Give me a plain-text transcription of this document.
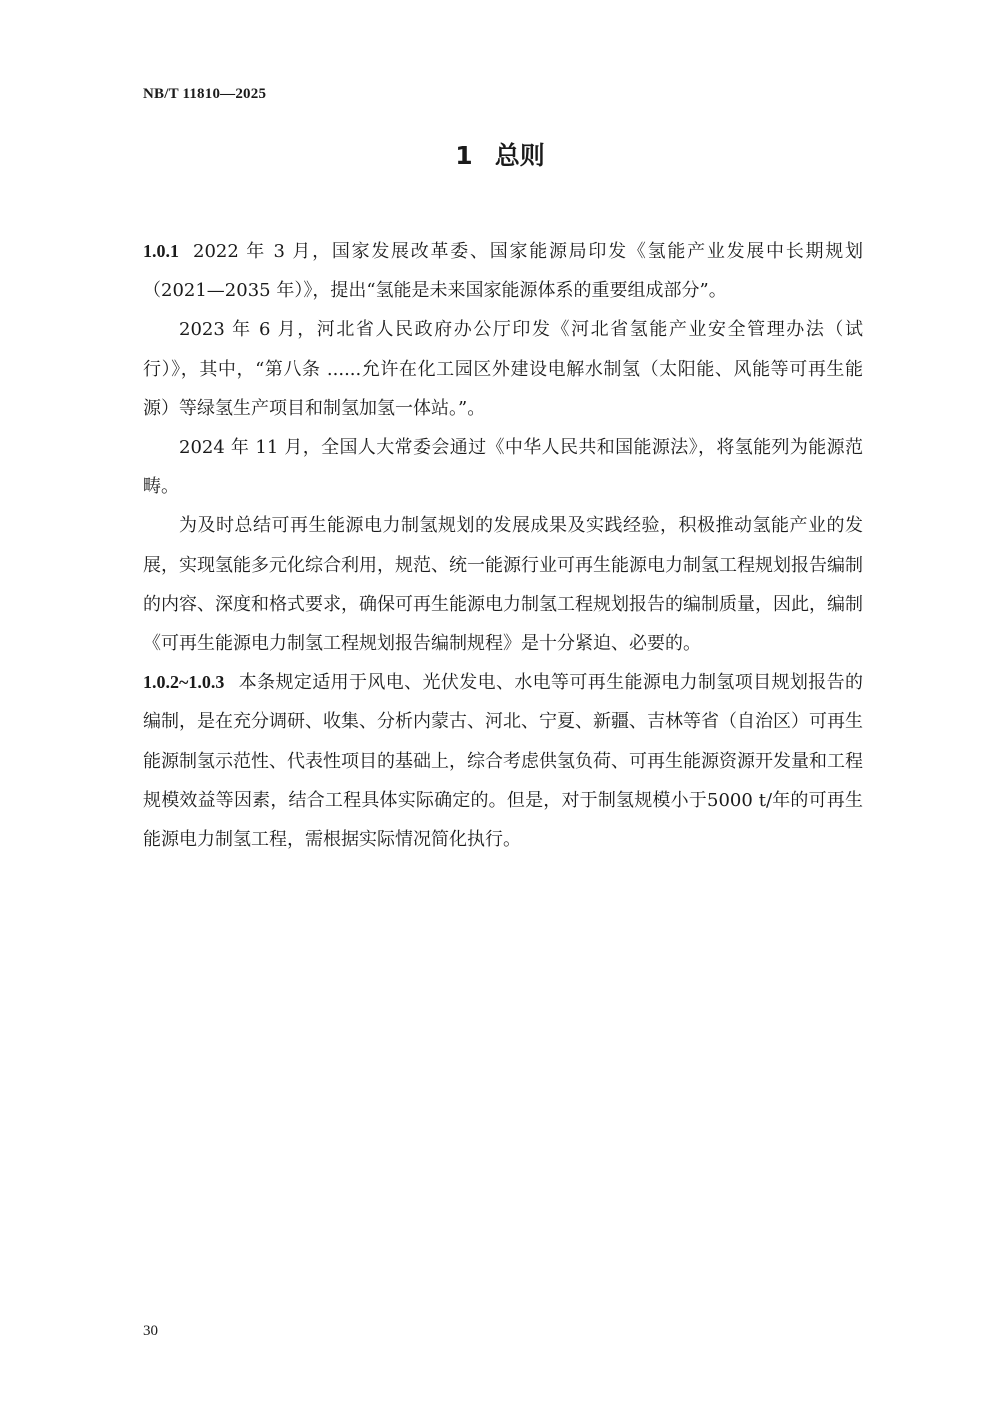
NB/T 11810—2025
1 总则

1.0.1 2022 年 3 月，国家发展改革委、国家能源局印发《氢能产业发展中长期规划（2021—2035 年）》，提出“氢能是未来国家能源体系的重要组成部分”。

2023 年 6 月，河北省人民政府办公厅印发《河北省氢能产业安全管理办法（试行）》，其中，“第八条 ......允许在化工园区外建设电解水制氢（太阳能、风能等可再生能源）等绿氢生产项目和制氢加氢一体站。”。

2024 年 11 月，全国人大常委会通过《中华人民共和国能源法》，将氢能列为能源范畴。

为及时总结可再生能源电力制氢规划的发展成果及实践经验，积极推动氢能产业的发展，实现氢能多元化综合利用，规范、统一能源行业可再生能源电力制氢工程规划报告编制的内容、深度和格式要求，确保可再生能源电力制氢工程规划报告的编制质量，因此，编制《可再生能源电力制氢工程规划报告编制规程》是十分紧迫、必要的。

1.0.2~1.0.3 本条规定适用于风电、光伏发电、水电等可再生能源电力制氢项目规划报告的编制，是在充分调研、收集、分析内蒙古、河北、宁夏、新疆、吉林等省（自治区）可再生能源制氢示范性、代表性项目的基础上，综合考虑供氢负荷、可再生能源资源开发量和工程规模效益等因素，结合工程具体实际确定的。但是，对于制氢规模小于5000 t/年的可再生能源电力制氢工程，需根据实际情况简化执行。

30
